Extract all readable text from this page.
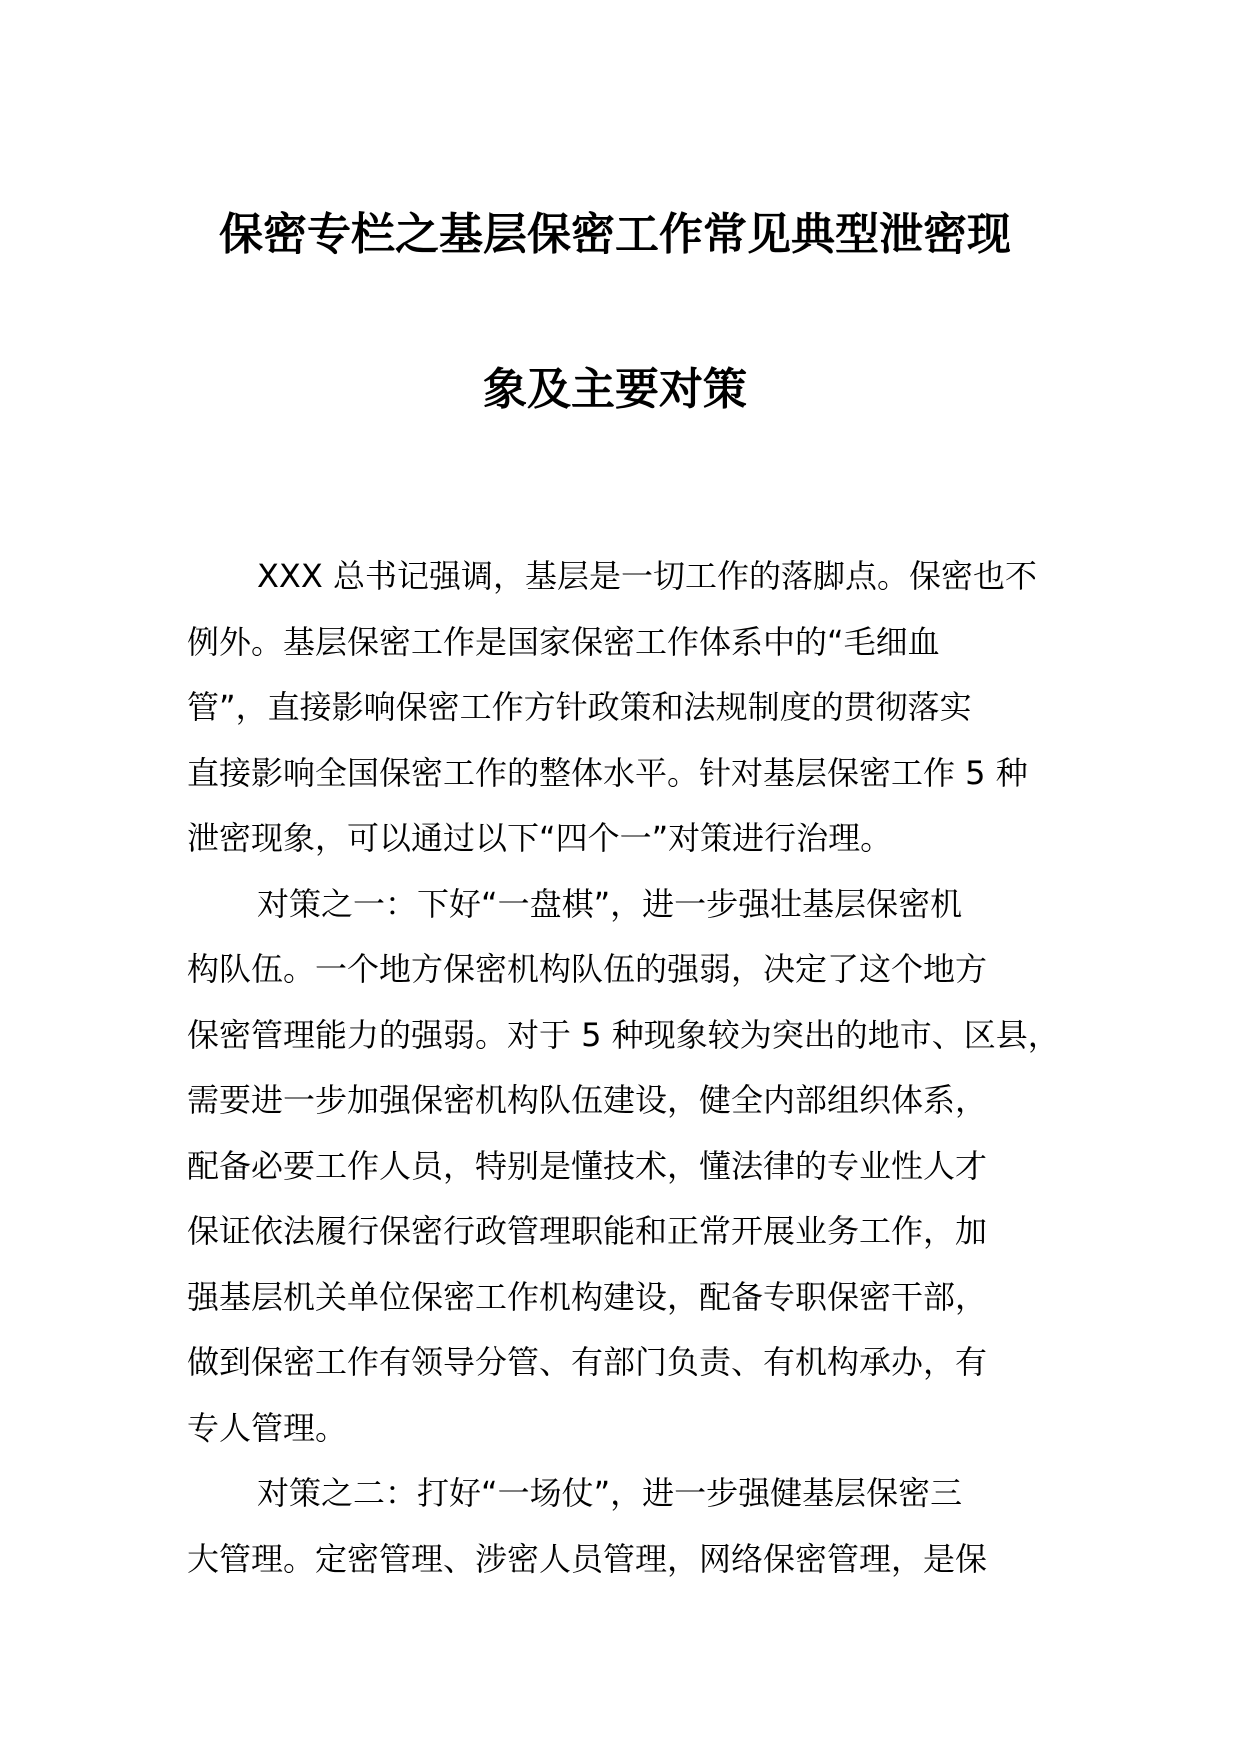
保密专栏之基层保密工作常见典型泄密现
象及主要对策
XXX 总书记强调，基层是一切工作的落脚点。保密也不
例外。基层保密工作是国家保密工作体系中的“毛细血
管”，直接影响保密工作方针政策和法规制度的贯彻落实
直接影响全国保密工作的整体水平。针对基层保密工作 5 种
泄密现象，可以通过以下“四个一”对策进行治理。
对策之一：下好“一盘棋”，进一步强壮基层保密机
构队伍。一个地方保密机构队伍的强弱，决定了这个地方
保密管理能力的强弱。对于 5 种现象较为突出的地市、区县，
需要进一步加强保密机构队伍建设，健全内部组织体系，
配备必要工作人员，特别是懂技术，懂法律的专业性人才
保证依法履行保密行政管理职能和正常开展业务工作，加
强基层机关单位保密工作机构建设，配备专职保密干部，
做到保密工作有领导分管、有部门负责、有机构承办，有
专人管理。
对策之二：打好“一场仗”，进一步强健基层保密三
大管理。定密管理、涉密人员管理，网络保密管理，是保
